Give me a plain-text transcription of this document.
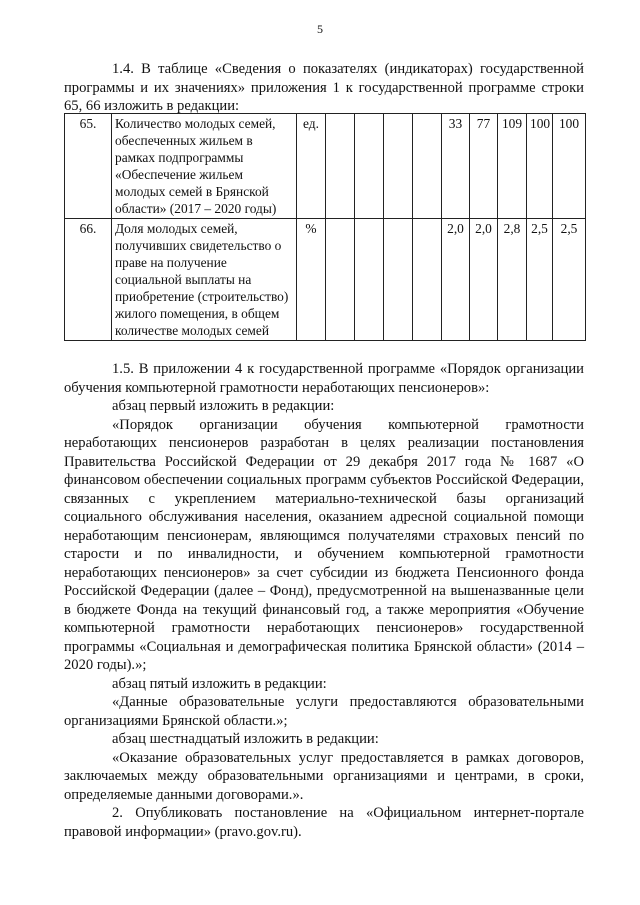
5
1.4. В таблице «Сведения о показателях (индикаторах) государственной программы и их значениях» приложения 1 к государственной программе строки 65, 66 изложить в редакции:
65.	Количество молодых семей, обеспеченных жильем в рамках подпрограммы «Обеспечение жильем молодых семей в Брянской области» (2017 – 2020 годы)	ед.					33	77	109	100	100
66.	Доля молодых семей, получивших свидетельство о праве на получение социальной выплаты на приобретение (строительство) жилого помещения, в общем количестве молодых семей	%					2,0	2,0	2,8	2,5	2,5
1.5. В приложении 4 к государственной программе «Порядок организации обучения компьютерной грамотности неработающих пенсионеров»:
абзац первый изложить в редакции:
«Порядок организации обучения компьютерной грамотности неработающих пенсионеров разработан в целях реализации постановления Правительства Российской Федерации от 29 декабря 2017 года № 1687 «О финансовом обеспечении социальных программ субъектов Российской Федерации, связанных с укреплением материально-технической базы организаций социального обслуживания населения, оказанием адресной социальной помощи неработающим пенсионерам, являющимся получателями страховых пенсий по старости и по инвалидности, и обучением компьютерной грамотности неработающих пенсионеров» за счет субсидии из бюджета Пенсионного фонда Российской Федерации (далее – Фонд), предусмотренной на вышеназванные цели в бюджете Фонда на текущий финансовый год, а также мероприятия «Обучение компьютерной грамотности неработающих пенсионеров» государственной программы «Социальная и демографическая политика Брянской области» (2014 – 2020 годы).»;
абзац пятый изложить в редакции:
«Данные образовательные услуги предоставляются образовательными организациями Брянской области.»;
абзац шестнадцатый изложить в редакции:
«Оказание образовательных услуг предоставляется в рамках договоров, заключаемых между образовательными организациями и центрами, в сроки, определяемые данными договорами.».
2. Опубликовать постановление на «Официальном интернет-портале правовой информации» (pravo.gov.ru).
